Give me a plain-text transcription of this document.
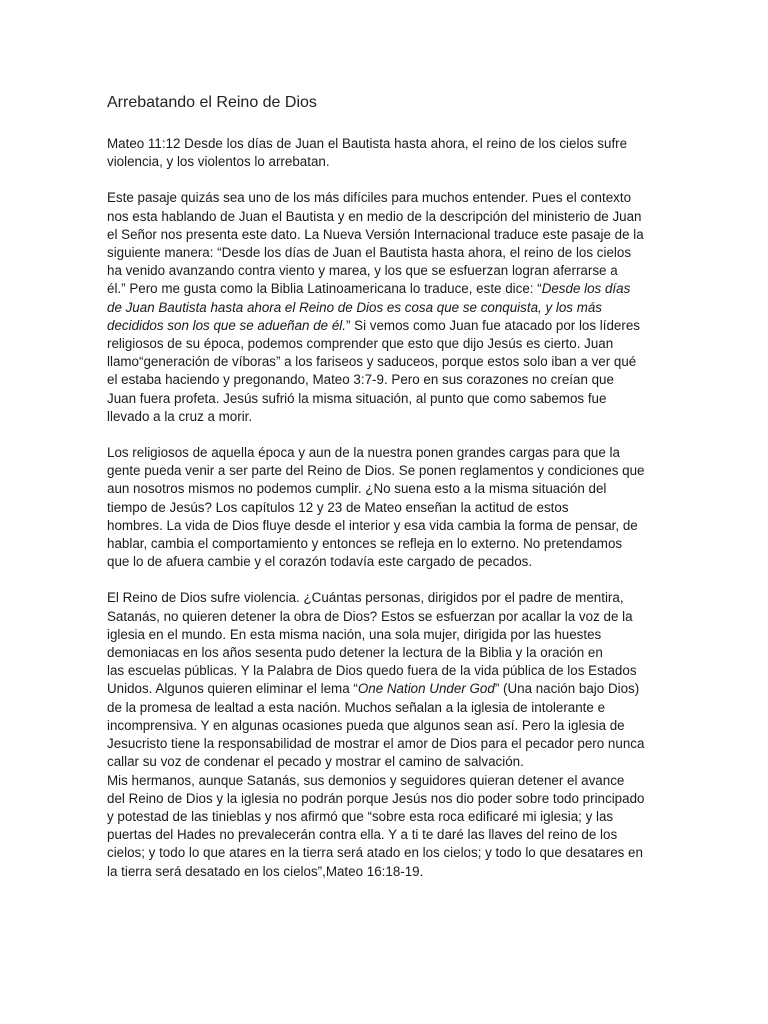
Arrebatando el Reino de Dios

Mateo 11:12 Desde los días de Juan el Bautista hasta ahora, el reino de los cielos sufre
violencia, y los violentos lo arrebatan.

Este pasaje quizás sea uno de los más difíciles para muchos entender. Pues el contexto
nos esta hablando de Juan el Bautista y en medio de la descripción del ministerio de Juan
el Señor nos presenta este dato. La Nueva Versión Internacional traduce este pasaje de la
siguiente manera: “Desde los días de Juan el Bautista hasta ahora, el reino de los cielos
ha venido avanzando contra viento y marea, y los que se esfuerzan logran aferrarse a
él.” Pero me gusta como la Biblia Latinoamericana lo traduce, este dice: “Desde los días
de Juan Bautista hasta ahora el Reino de Dios es cosa que se conquista, y los más
decididos son los que se adueñan de él.” Si vemos como Juan fue atacado por los líderes
religiosos de su época, podemos comprender que esto que dijo Jesús es cierto. Juan
llamo“generación de víboras” a los fariseos y saduceos, porque estos solo iban a ver qué
el estaba haciendo y pregonando, Mateo 3:7-9. Pero en sus corazones no creían que
Juan fuera profeta. Jesús sufrió la misma situación, al punto que como sabemos fue
llevado a la cruz a morir.

Los religiosos de aquella época y aun de la nuestra ponen grandes cargas para que la
gente pueda venir a ser parte del Reino de Dios. Se ponen reglamentos y condiciones que
aun nosotros mismos no podemos cumplir. ¿No suena esto a la misma situación del
tiempo de Jesús? Los capítulos 12 y 23 de Mateo enseñan la actitud de estos
hombres. La vida de Dios fluye desde el interior y esa vida cambia la forma de pensar, de
hablar, cambia el comportamiento y entonces se refleja en lo externo. No pretendamos
que lo de afuera cambie y el corazón todavía este cargado de pecados.

El Reino de Dios sufre violencia. ¿Cuántas personas, dirigidos por el padre de mentira,
Satanás, no quieren detener la obra de Dios? Estos se esfuerzan por acallar la voz de la
iglesia en el mundo. En esta misma nación, una sola mujer, dirigida por las huestes
demoniacas en los años sesenta pudo detener la lectura de la Biblia y la oración en
las escuelas públicas. Y la Palabra de Dios quedo fuera de la vida pública de los Estados
Unidos. Algunos quieren eliminar el lema “One Nation Under God” (Una nación bajo Dios)
de la promesa de lealtad a esta nación. Muchos señalan a la iglesia de intolerante e
incomprensiva. Y en algunas ocasiones pueda que algunos sean así. Pero la iglesia de
Jesucristo tiene la responsabilidad de mostrar el amor de Dios para el pecador pero nunca
callar su voz de condenar el pecado y mostrar el camino de salvación.

Mis hermanos, aunque Satanás, sus demonios y seguidores quieran detener el avance
del Reino de Dios y la iglesia no podrán porque Jesús nos dio poder sobre todo principado
y potestad de las tinieblas y nos afirmó que “sobre esta roca edificaré mi iglesia; y las
puertas del Hades no prevalecerán contra ella. Y a ti te daré las llaves del reino de los
cielos; y todo lo que atares en la tierra será atado en los cielos; y todo lo que desatares en
la tierra será desatado en los cielos”,Mateo 16:18-19.
